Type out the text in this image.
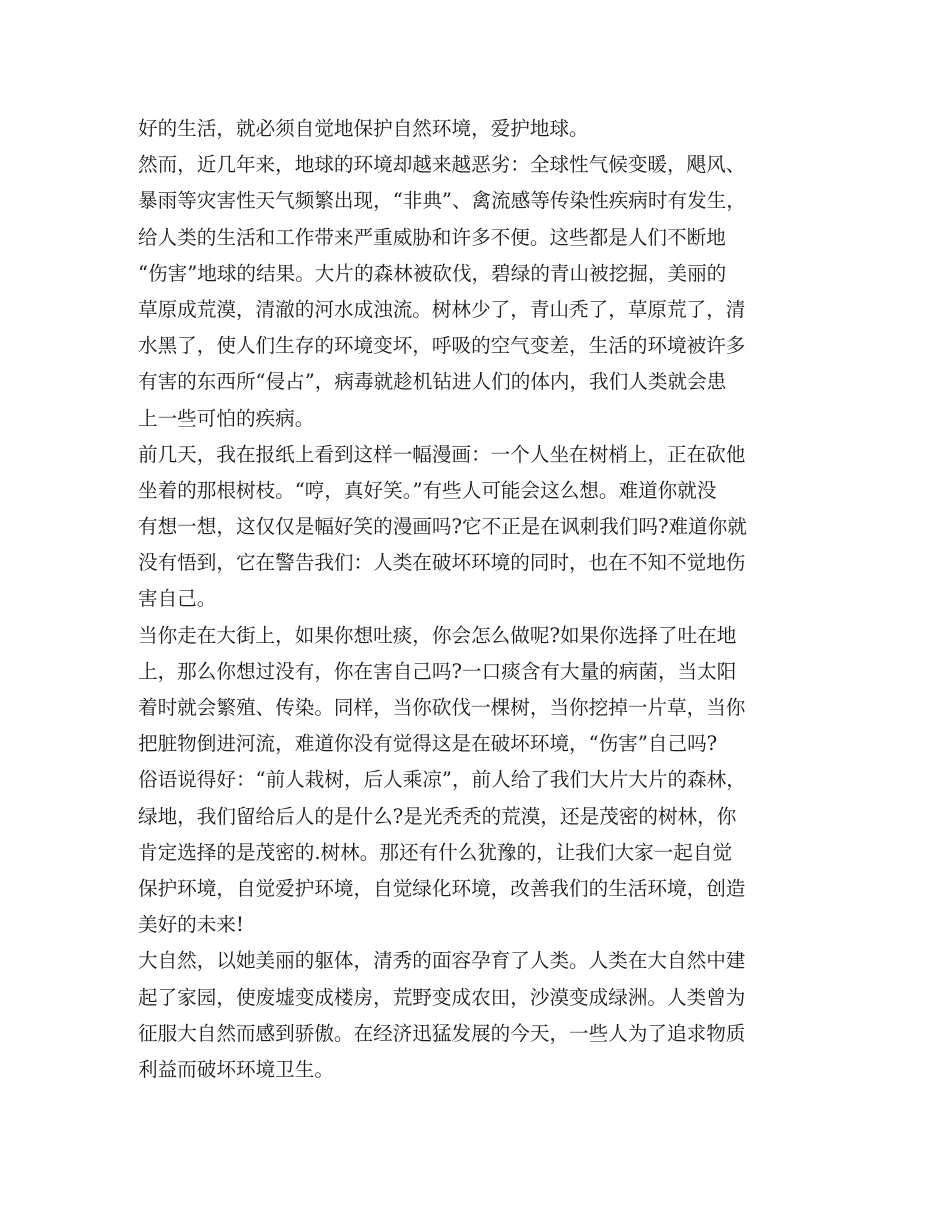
好的生活，就必须自觉地保护自然环境，爱护地球。
然而，近几年来，地球的环境却越来越恶劣：全球性气候变暖，飓风、
暴雨等灾害性天气频繁出现，“非典”、禽流感等传染性疾病时有发生，
给人类的生活和工作带来严重威胁和许多不便。这些都是人们不断地
“伤害”地球的结果。大片的森林被砍伐，碧绿的青山被挖掘，美丽的
草原成荒漠，清澈的河水成浊流。树林少了，青山秃了，草原荒了，清
水黑了，使人们生存的环境变坏，呼吸的空气变差，生活的环境被许多
有害的东西所“侵占”，病毒就趁机钻进人们的体内，我们人类就会患
上一些可怕的疾病。
前几天，我在报纸上看到这样一幅漫画：一个人坐在树梢上，正在砍他
坐着的那根树枝。“哼，真好笑。”有些人可能会这么想。难道你就没
有想一想，这仅仅是幅好笑的漫画吗?它不正是在讽刺我们吗?难道你就
没有悟到，它在警告我们：人类在破坏环境的同时，也在不知不觉地伤
害自己。
当你走在大街上，如果你想吐痰，你会怎么做呢?如果你选择了吐在地
上，那么你想过没有，你在害自己吗?一口痰含有大量的病菌，当太阳
着时就会繁殖、传染。同样，当你砍伐一棵树，当你挖掉一片草，当你
把脏物倒进河流，难道你没有觉得这是在破坏环境，“伤害”自己吗?
俗语说得好：“前人栽树，后人乘凉”，前人给了我们大片大片的森林，
绿地，我们留给后人的是什么?是光秃秃的荒漠，还是茂密的树林，你
肯定选择的是茂密的.树林。那还有什么犹豫的，让我们大家一起自觉
保护环境，自觉爱护环境，自觉绿化环境，改善我们的生活环境，创造
美好的未来!
大自然，以她美丽的躯体，清秀的面容孕育了人类。人类在大自然中建
起了家园，使废墟变成楼房，荒野变成农田，沙漠变成绿洲。人类曾为
征服大自然而感到骄傲。在经济迅猛发展的今天，一些人为了追求物质
利益而破坏环境卫生。
